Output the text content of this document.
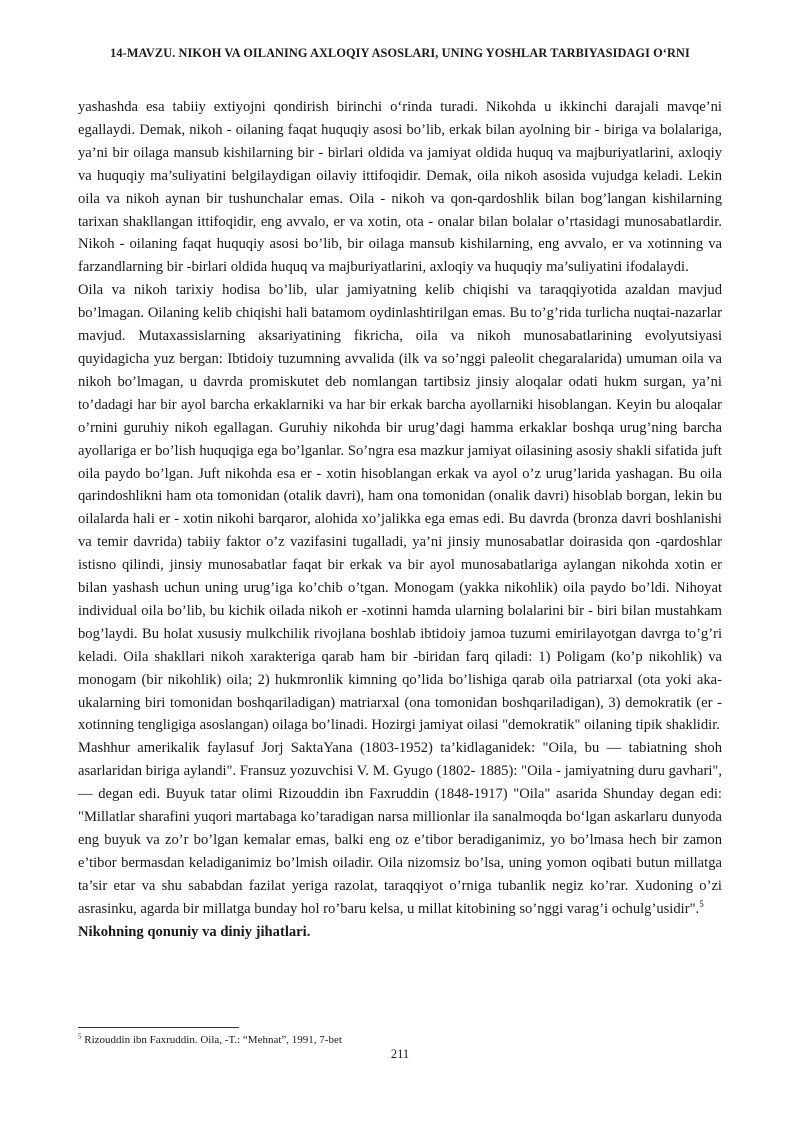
14-MAVZU. NIKOH VA OILANING AXLOQIY ASOSLARI, UNING YOSHLAR TARBIYASIDAGI O‘RNI

yashashda esa tabiiy extiyojni qondirish birinchi o‘rinda turadi. Nikohda u ikkinchi darajali mavqe’ni egallaydi. Demak, nikoh - oilaning faqat huquqiy asosi bo’lib, erkak bilan ayolning bir - biriga va bolalariga, ya’ni bir oilaga mansub kishilarning bir - birlari oldida va jamiyat oldida huquq va majburiyatlarini, axloqiy va huquqiy ma’suliyatini belgilaydigan oilaviy ittifoqidir. Demak, oila nikoh asosida vujudga keladi. Lekin oila va nikoh aynan bir tushunchalar emas. Oila - nikoh va qon-qardoshlik bilan bog’langan kishilarning tarixan shakllangan ittifoqidir, eng avvalo, er va xotin, ota - onalar bilan bolalar o’rtasidagi munosabatlardir. Nikoh - oilaning faqat huquqiy asosi bo’lib, bir oilaga mansub kishilarning, eng avvalo, er va xotinning va farzandlarning bir -birlari oldida huquq va majburiyatlarini, axloqiy va huquqiy ma’suliyatini ifodalaydi.

Oila va nikoh tarixiy hodisa bo’lib, ular jamiyatning kelib chiqishi va taraqqiyotida azaldan mavjud bo’lmagan. Oilaning kelib chiqishi hali batamom oydinlashtirilgan emas. Bu to’g’rida turlicha nuqtai-nazarlar mavjud. Mutaxassislarning aksariyatining fikricha, oila va nikoh munosabatlarining evolyutsiyasi quyidagicha yuz bergan: Ibtidoiy tuzumning avvalida (ilk va so’nggi paleolit chegaralarida) umuman oila va nikoh bo’lmagan, u davrda promiskutet deb nomlangan tartibsiz jinsiy aloqalar odati hukm surgan, ya’ni to’dadagi har bir ayol barcha erkaklarniki va har bir erkak barcha ayollarniki hisoblangan. Keyin bu aloqalar o’rnini guruhiy nikoh egallagan. Guruhiy nikohda bir urug’dagi hamma erkaklar boshqa urug’ning barcha ayollariga er bo’lish huquqiga ega bo’lganlar. So’ngra esa mazkur jamiyat oilasining asosiy shakli sifatida juft oila paydo bo’lgan. Juft nikohda esa er - xotin hisoblangan erkak va ayol o’z urug’larida yashagan. Bu oila qarindoshlikni ham ota tomonidan (otalik davri), ham ona tomonidan (onalik davri) hisoblab borgan, lekin bu oilalarda hali er - xotin nikohi barqaror, alohida xo’jalikka ega emas edi. Bu davrda (bronza davri boshlanishi va temir davrida) tabiiy faktor o’z vazifasini tugalladi, ya’ni jinsiy munosabatlar doirasida qon -qardoshlar istisno qilindi, jinsiy munosabatlar faqat bir erkak va bir ayol munosabatlariga aylangan nikohda xotin er bilan yashash uchun uning urug’iga ko’chib o’tgan. Monogam (yakka nikohlik) oila paydo bo’ldi. Nihoyat individual oila bo’lib, bu kichik oilada nikoh er -xotinni hamda ularning bolalarini bir - biri bilan mustahkam bog’laydi. Bu holat xususiy mulkchilik rivojlana boshlab ibtidoiy jamoa tuzumi emirilayotgan davrga to’g’ri keladi. Oila shakllari nikoh xarakteriga qarab ham bir -biridan farq qiladi: 1) Poligam (ko’p nikohlik) va monogam (bir nikohlik) oila; 2) hukmronlik kimning qo’lida bo’lishiga qarab oila patriarxal (ota yoki aka-ukalarning biri tomonidan boshqariladigan) matriarxal (ona tomonidan boshqariladigan), 3) demokratik (er - xotinning tengligiga asoslangan) oilaga bo’linadi. Hozirgi jamiyat oilasi "demokratik" oilaning tipik shaklidir.

Mashhur amerikalik faylasuf Jorj SaktaYana (1803-1952) ta’kidlaganidek: "Oila, bu — tabiatning shoh asarlaridan biriga aylandi". Fransuz yozuvchisi V. M. Gyugo (1802- 1885): "Oila - jamiyatning duru gavhari", — degan edi. Buyuk tatar olimi Rizouddin ibn Faxruddin (1848-1917) "Oila" asarida Shunday degan edi: "Millatlar sharafini yuqori martabaga ko’taradigan narsa millionlar ila sanalmoqda bo‘lgan askarlaru dunyoda eng buyuk va zo’r bo’lgan kemalar emas, balki eng oz e’tibor beradiganimiz, yo bo’lmasa hech bir zamon e’tibor bermasdan keladiganimiz bo’lmish oiladir. Oila nizomsiz bo’lsa, uning yomon oqibati butun millatga ta’sir etar va shu sababdan fazilat yeriga razolat, taraqqiyot o’rniga tubanlik negiz ko’rar. Xudoning o’zi asrasinku, agarda bir millatga bunday hol ro’baru kelsa, u millat kitobining so’nggi varag’i ochulg’usidir".$^5$

Nikohning qonuniy va diniy jihatlari.

$^5$ Rizouddin ibn Faxruddin. Oila, -T.: “Mehnat”, 1991, 7-bet
211
